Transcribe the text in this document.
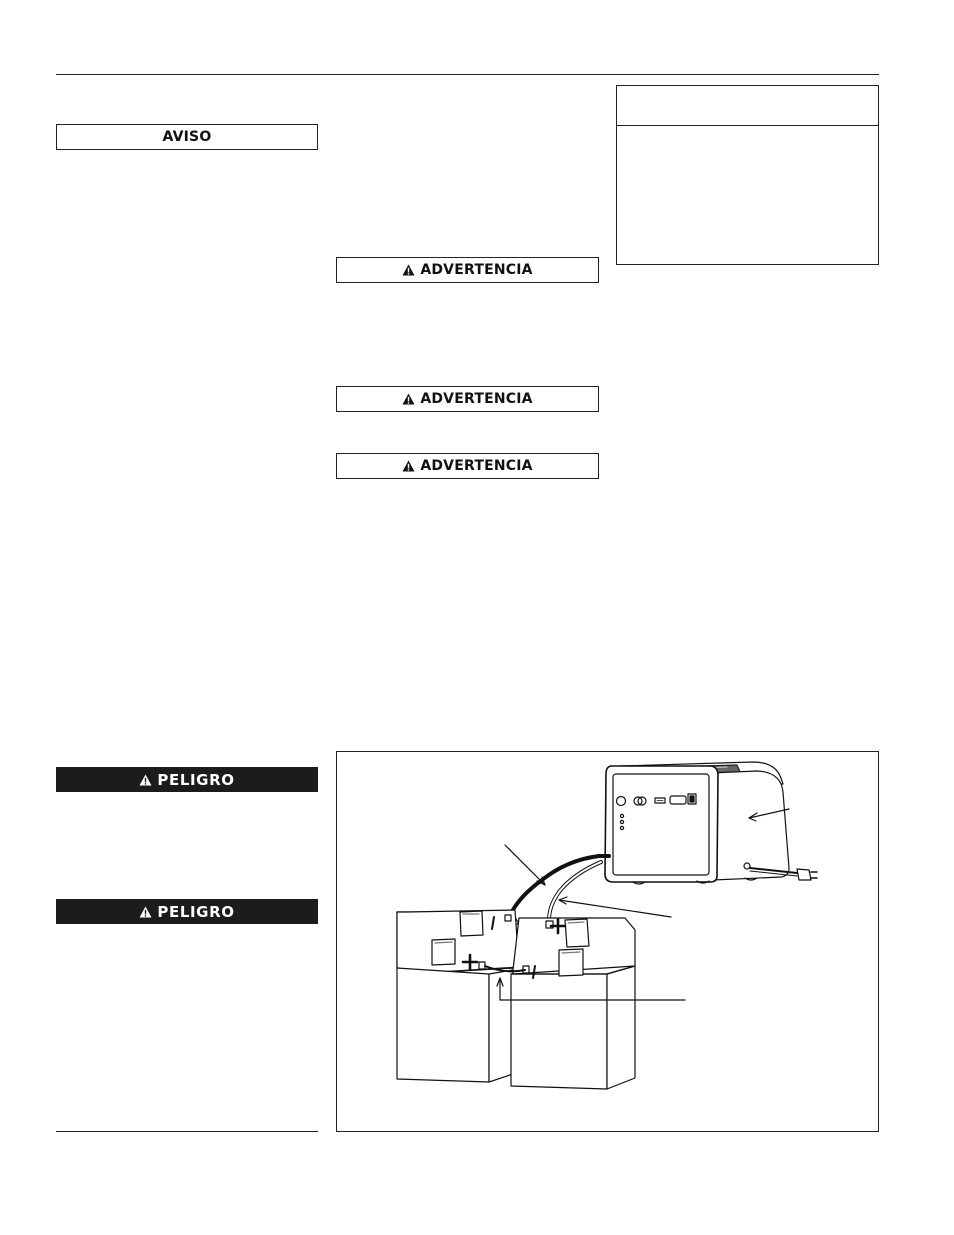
AVISO
ADVERTENCIA
ADVERTENCIA
ADVERTENCIA
PELIGRO
PELIGRO
